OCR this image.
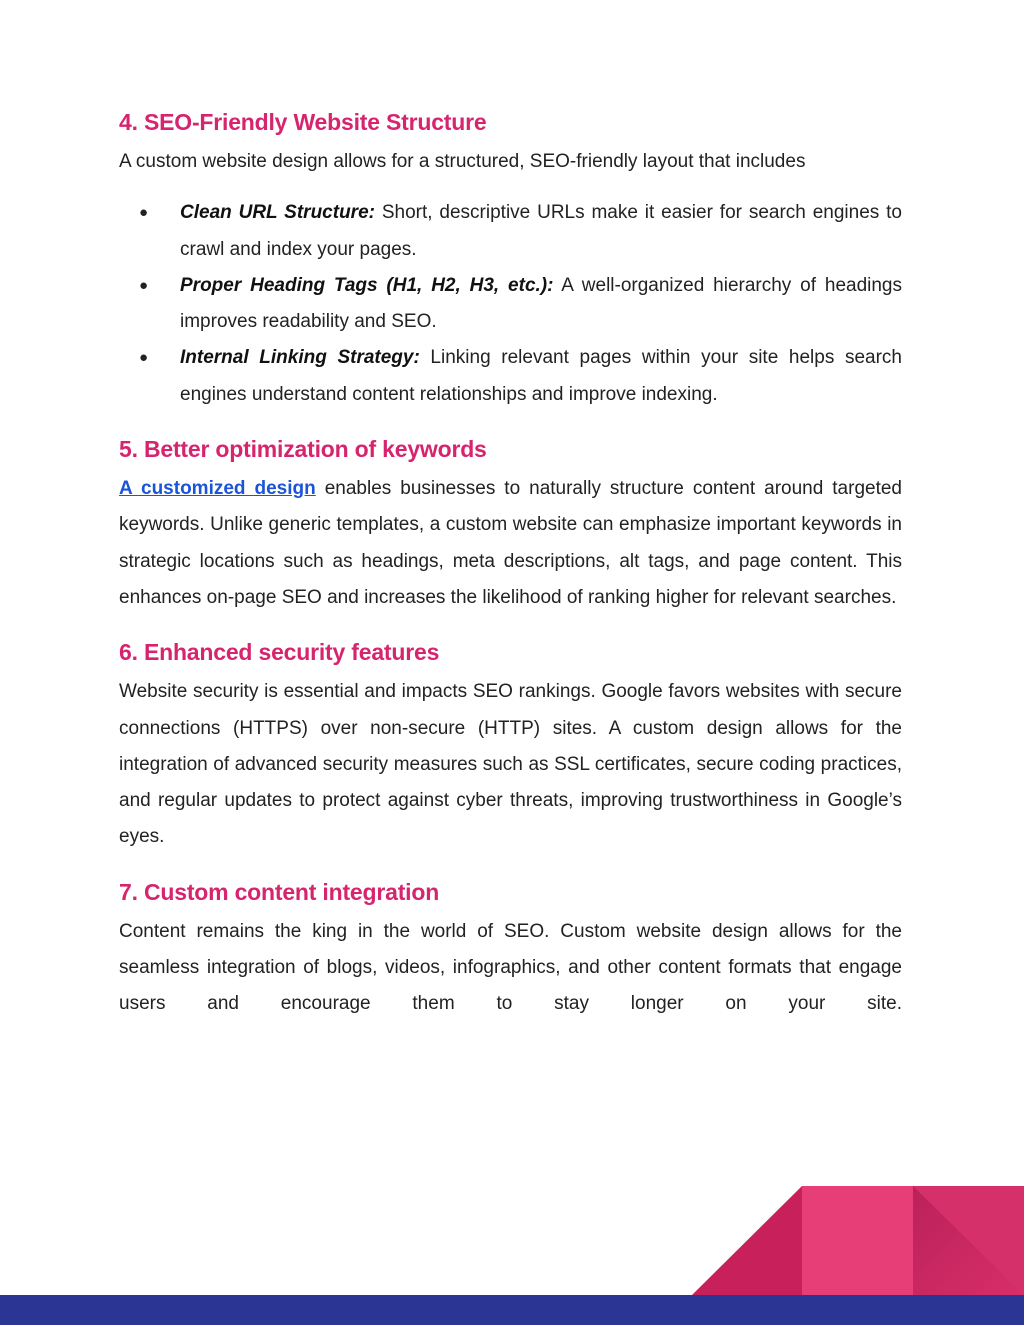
4. SEO-Friendly Website Structure

A custom website design allows for a structured, SEO-friendly layout that includes

● Clean URL Structure: Short, descriptive URLs make it easier for search engines to crawl and index your pages.
● Proper Heading Tags (H1, H2, H3, etc.): A well-organized hierarchy of headings improves readability and SEO.
● Internal Linking Strategy: Linking relevant pages within your site helps search engines understand content relationships and improve indexing.
5. Better optimization of keywords

A customized design enables businesses to naturally structure content around targeted keywords. Unlike generic templates, a custom website can emphasize important keywords in strategic locations such as headings, meta descriptions, alt tags, and page content. This enhances on-page SEO and increases the likelihood of ranking higher for relevant searches.

6. Enhanced security features

Website security is essential and impacts SEO rankings. Google favors websites with secure connections (HTTPS) over non-secure (HTTP) sites. A custom design allows for the integration of advanced security measures such as SSL certificates, secure coding practices, and regular updates to protect against cyber threats, improving trustworthiness in Google’s eyes.

7. Custom content integration

Content remains the king in the world of SEO. Custom website design allows for the seamless integration of blogs, videos, infographics, and other content formats that engage users and encourage them to stay longer on your site.
